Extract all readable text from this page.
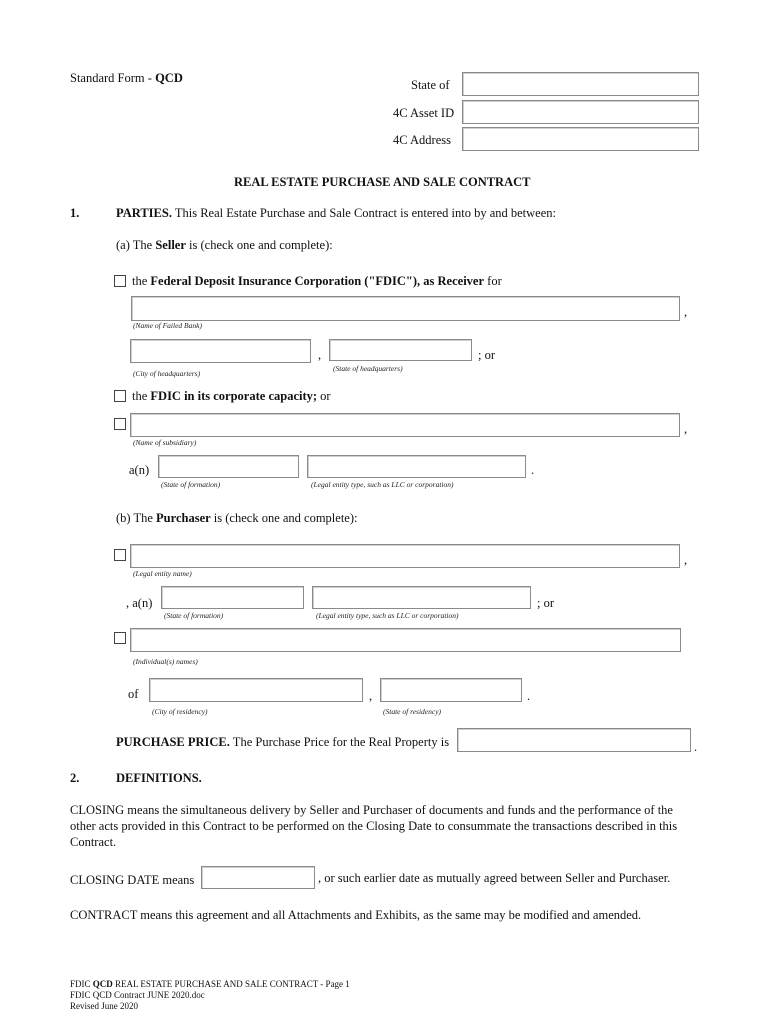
Standard Form - QCD	State of
4C Asset ID
4C Address
REAL ESTATE PURCHASE AND SALE CONTRACT
1.	PARTIES. This Real Estate Purchase and Sale Contract is entered into by and between:
(a) The Seller is (check one and complete):
the Federal Deposit Insurance Corporation ("FDIC"), as Receiver for
,
(Name of Failed Bank)
,	; or
(State of headquarters)
(City of headquarters)
the FDIC in its corporate capacity; or
,
(Name of subsidiary)
a(n)	.
(State of formation)	(Legal entity type, such as LLC or corporation)
(b) The Purchaser is (check one and complete):
,
(Legal entity name)
, a(n)	; or
(State of formation)	(Legal entity type, such as LLC or corporation)
(Individual(s) names)
of	,	.
(City of residency)	(State of residency)
PURCHASE PRICE. The Purchase Price for the Real Property is	.
2.	DEFINITIONS.
CLOSING means the simultaneous delivery by Seller and Purchaser of documents and funds and the performance of the other acts provided in this Contract to be performed on the Closing Date to consummate the transactions described in this Contract.
CLOSING DATE means	, or such earlier date as mutually agreed between Seller and Purchaser.
CONTRACT means this agreement and all Attachments and Exhibits, as the same may be modified and amended.
FDIC QCD REAL ESTATE PURCHASE AND SALE CONTRACT - Page 1
FDIC QCD Contract JUNE 2020.doc
Revised June 2020
